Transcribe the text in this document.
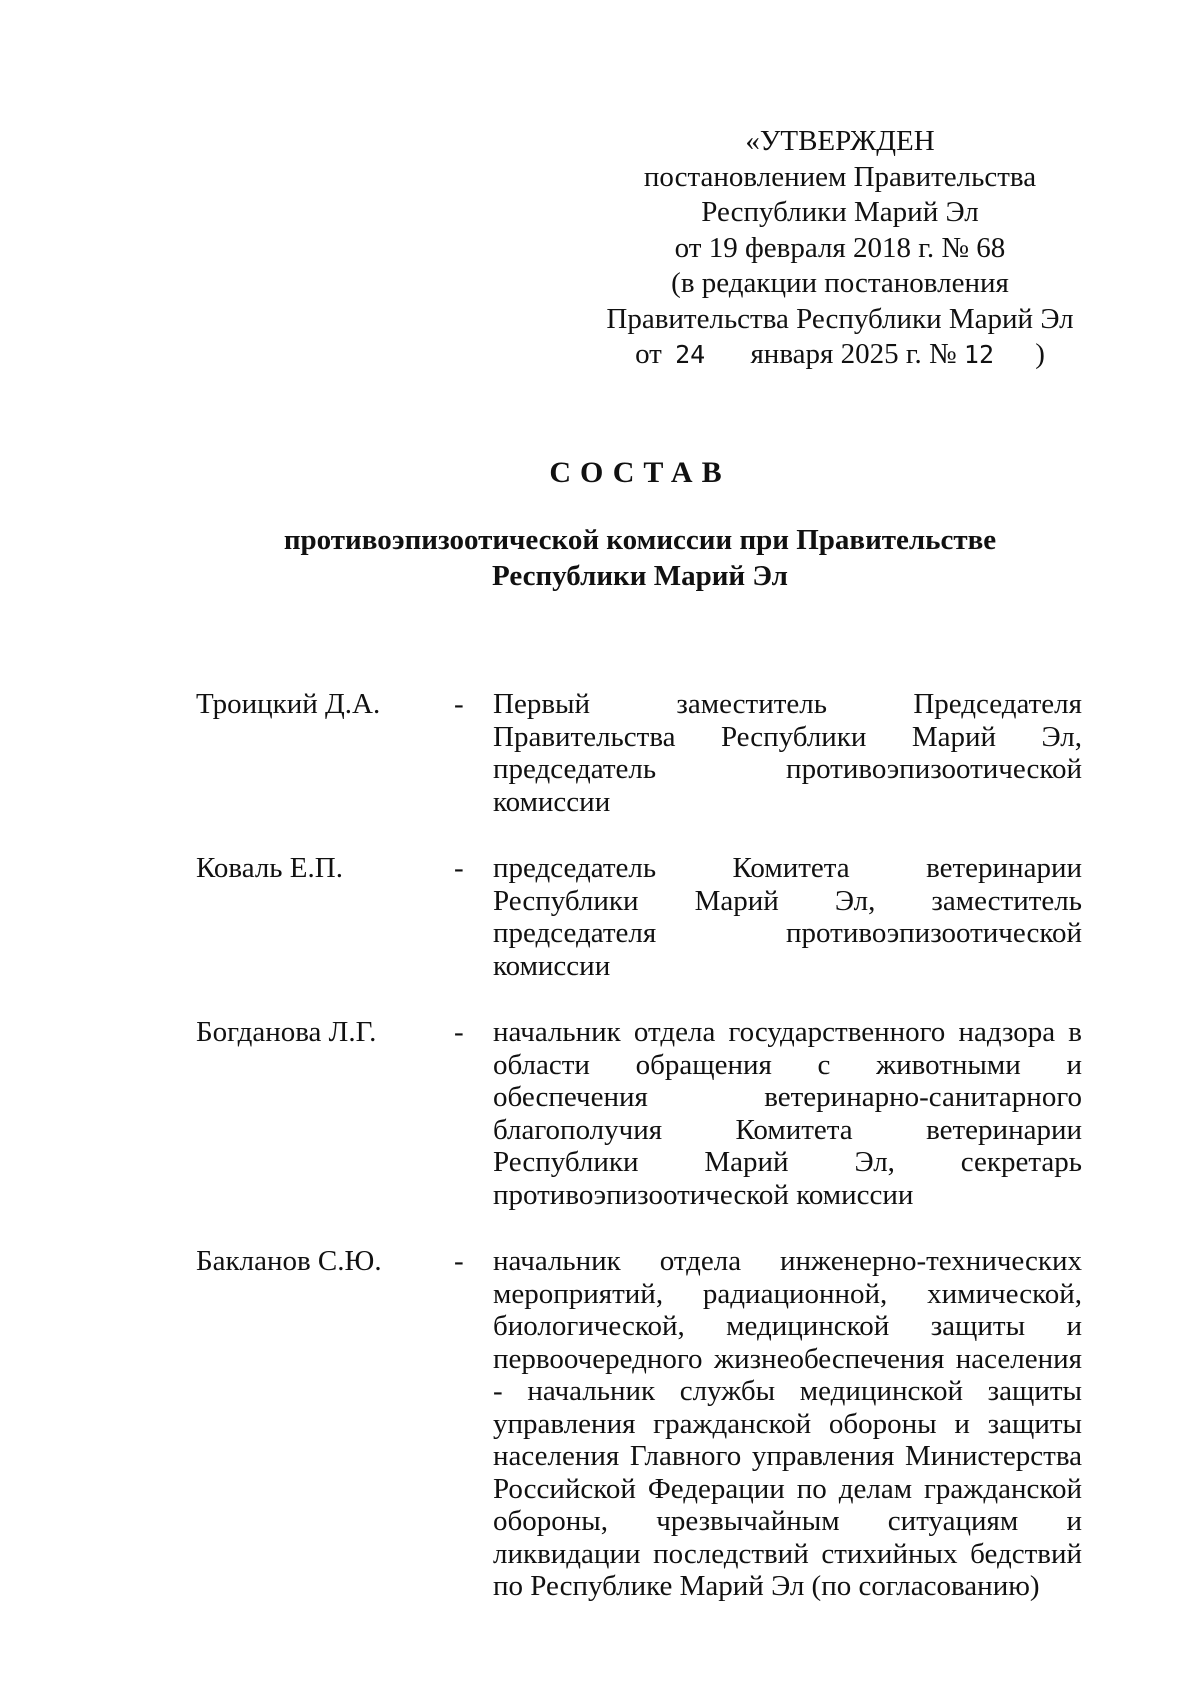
«УТВЕРЖДЕН
постановлением Правительства
Республики Марий Эл
от 19 февраля 2018 г. № 68
(в редакции постановления
Правительства Республики Марий Эл
от 24 января 2025 г. № 12 )
СОСТАВ
противоэпизоотической комиссии при Правительстве
Республики Марий Эл
Троицкий Д.А.	- Первый заместитель Председателя Правительства Республики Марий Эл, председатель противоэпизоотической комиссии
Коваль Е.П.	- председатель Комитета ветеринарии Республики Марий Эл, заместитель председателя противоэпизоотической комиссии
Богданова Л.Г.	- начальник отдела государственного надзора в области обращения с животными и обеспечения ветеринарно-санитарного благополучия Комитета ветеринарии Республики Марий Эл, секретарь противоэпизоотической комиссии
Бакланов С.Ю. - начальник отдела инженерно-технических мероприятий, радиационной, химической, биологической, медицинской защиты и первоочередного жизнеобеспечения населения - начальник службы медицинской защиты управления гражданской обороны и защиты населения Главного управления Министерства Российской Федерации по делам гражданской обороны, чрезвычайным ситуациям и ликвидации последствий стихийных бедствий по Республике Марий Эл (по согласованию)
